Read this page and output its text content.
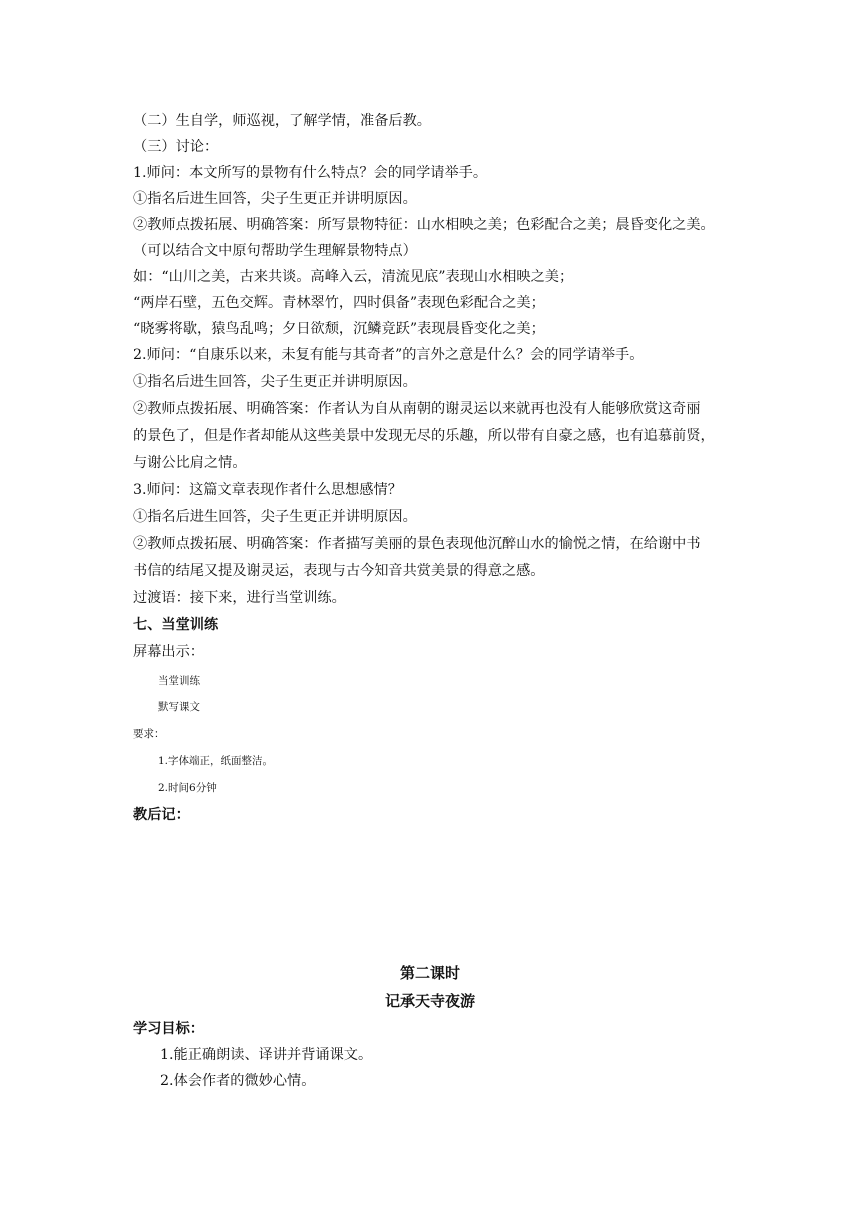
（二）生自学，师巡视，了解学情，准备后教。
（三）讨论：
1.师问：本文所写的景物有什么特点？会的同学请举手。
①指名后进生回答，尖子生更正并讲明原因。
②教师点拨拓展、明确答案：所写景物特征：山水相映之美；色彩配合之美；晨昏变化之美。
（可以结合文中原句帮助学生理解景物特点）
如：“山川之美，古来共谈。高峰入云，清流见底”表现山水相映之美；
“两岸石壁，五色交辉。青林翠竹，四时俱备”表现色彩配合之美；
“晓雾将歇，猿鸟乱鸣；夕日欲颓，沉鳞竞跃”表现晨昏变化之美；
2.师问：“自康乐以来，未复有能与其奇者”的言外之意是什么？会的同学请举手。
①指名后进生回答，尖子生更正并讲明原因。
②教师点拨拓展、明确答案：作者认为自从南朝的谢灵运以来就再也没有人能够欣赏这奇丽
的景色了，但是作者却能从这些美景中发现无尽的乐趣，所以带有自豪之感，也有追慕前贤，
与谢公比肩之情。
3.师问：这篇文章表现作者什么思想感情？
①指名后进生回答，尖子生更正并讲明原因。
②教师点拨拓展、明确答案：作者描写美丽的景色表现他沉醉山水的愉悦之情，在给谢中书
书信的结尾又提及谢灵运，表现与古今知音共赏美景的得意之感。
过渡语：接下来，进行当堂训练。
七、当堂训练
屏幕出示：
当堂训练
默写课文
要求：
1.字体端正，纸面整洁。
2.时间6分钟
教后记：
第二课时
记承天寺夜游
学习目标：
1.能正确朗读、译讲并背诵课文。
2.体会作者的微妙心情。
